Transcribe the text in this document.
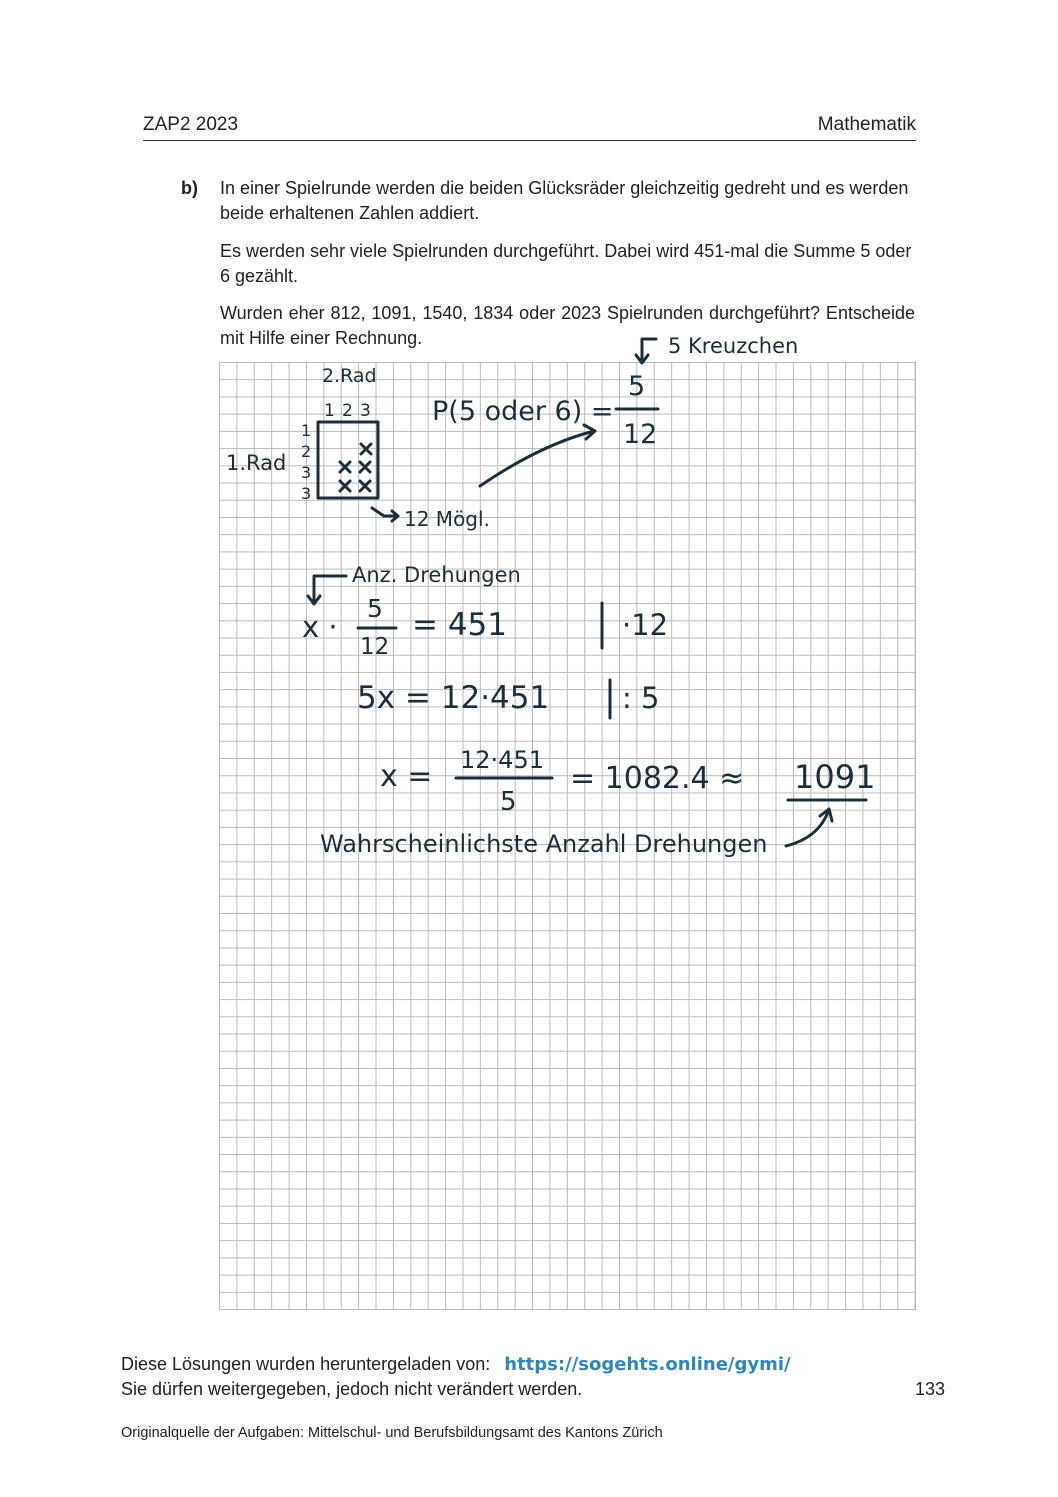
ZAP2 2023	Mathematik
b) In einer Spielrunde werden die beiden Glücksräder gleichzeitig gedreht und es werden beide erhaltenen Zahlen addiert.
Es werden sehr viele Spielrunden durchgeführt. Dabei wird 451-mal die Summe 5 oder 6 gezählt.
Wurden eher 812, 1091, 1540, 1834 oder 2023 Spielrunden durchgeführt? Entscheide mit Hilfe einer Rechnung.
2.Rad
1 2 3
1.Rad
1
2
3
3
12 Mögl.
5 Kreuzchen
P(5 oder 6) =
5
12
Anz. Drehungen
x ·
5
12
= 451	·12
5x = 12·451	: 5
x = 12·451
5
= 1082.4 ≈ 1091
Wahrscheinlichste Anzahl Drehungen
Diese Lösungen wurden heruntergeladen von: https://sogehts.online/gymi/
Sie dürfen weitergegeben, jedoch nicht verändert werden.	133
Originalquelle der Aufgaben: Mittelschul- und Berufsbildungsamt des Kantons Zürich
